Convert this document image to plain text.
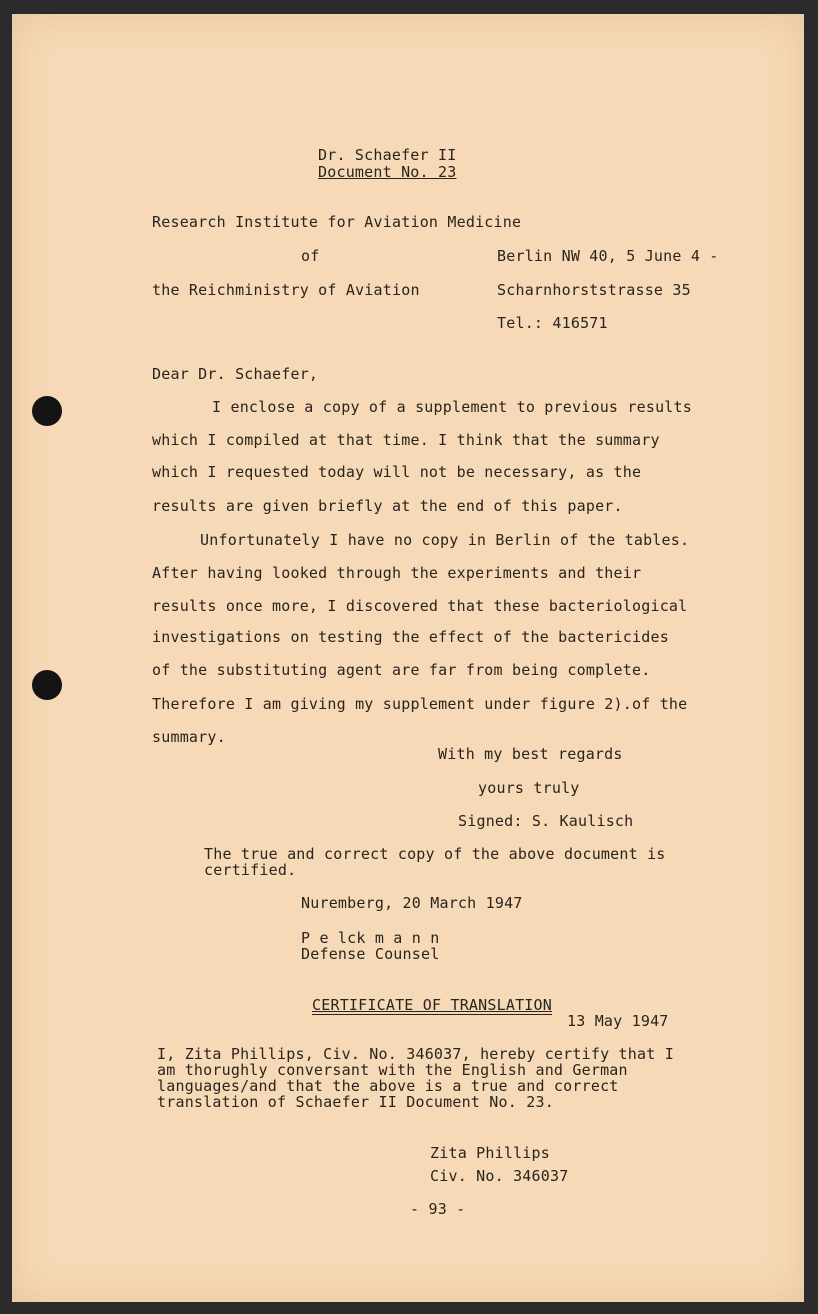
Dr. Schaefer II
Document No. 23
Research Institute for Aviation Medicine
of
the Reichministry of Aviation
Berlin NW 40, 5 June 4 -
Scharnhorststrasse 35
Tel.: 416571
Dear Dr. Schaefer,
I enclose a copy of a supplement to previous results
which I compiled at that time. I think that the summary
which I requested today will not be necessary, as the
results are given briefly at the end of this paper.
Unfortunately I have no copy in Berlin of the tables.
After having looked through the experiments and their
results once more, I discovered that these bacteriological
investigations on testing the effect of the bactericides
of the substituting agent are far from being complete.
Therefore I am giving my supplement under figure 2).of the
summary.
With my best regards
yours truly
Signed: S. Kaulisch
The true and correct copy of the above document is
certified.
Nuremberg, 20 March 1947
P e lck m a n n
Defense Counsel
CERTIFICATE OF TRANSLATION
13 May 1947
I, Zita Phillips, Civ. No. 346037, hereby certify that I
am thorughly conversant with the English and German
languages/and that the above is a true and correct
translation of Schaefer II Document No. 23.
Zita Phillips
Civ. No. 346037
- 93 -
